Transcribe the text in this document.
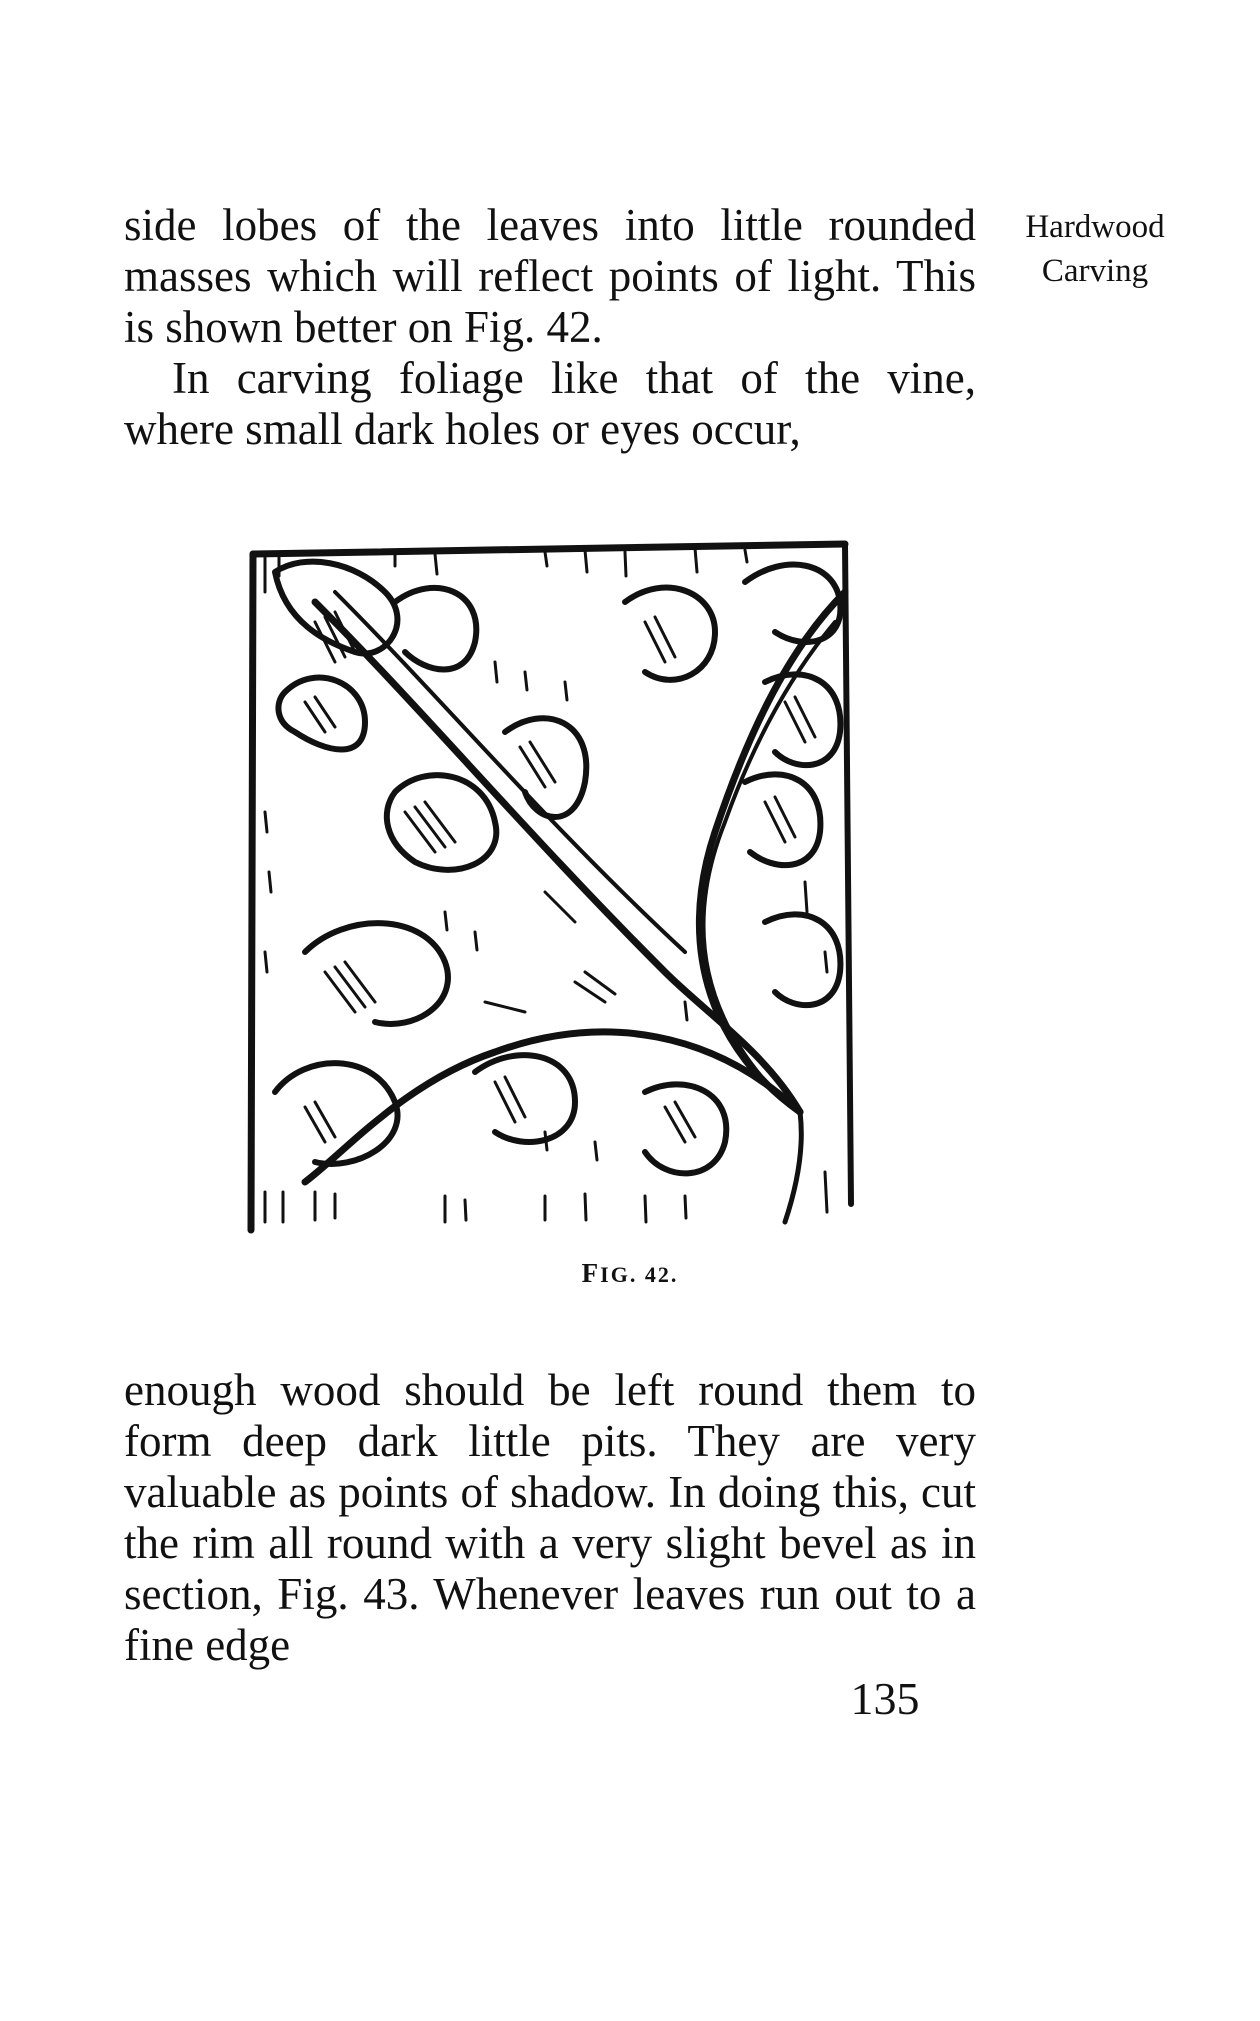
Hardwood
Carving

side lobes of the leaves into little rounded masses which will reflect points of light. This is shown better on Fig. 42.

In carving foliage like that of the vine, where small dark holes or eyes occur,

FIG. 42.

enough wood should be left round them to form deep dark little pits. They are very valuable as points of shadow. In doing this, cut the rim all round with a very slight bevel as in section, Fig. 43. Whenever leaves run out to a fine edge

135
